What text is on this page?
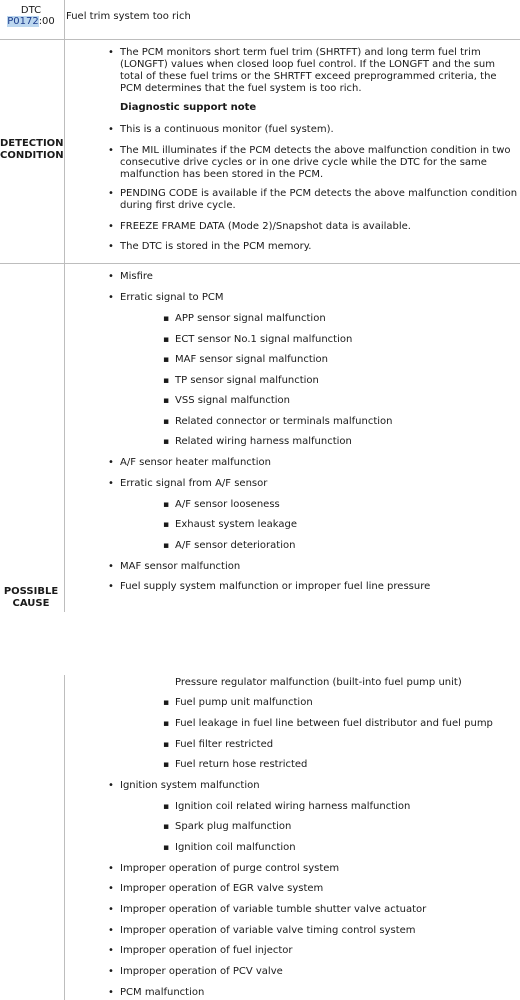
DTC
P0172:00	Fuel trim system too rich
DETECTION
CONDITION
• The PCM monitors short term fuel trim (SHRTFT) and long term fuel trim (LONGFT) values when closed loop fuel control. If the LONGFT and the sum total of these fuel trims or the SHRTFT exceed preprogrammed criteria, the PCM determines that the fuel system is too rich.
Diagnostic support note
• This is a continuous monitor (fuel system).
• The MIL illuminates if the PCM detects the above malfunction condition in two consecutive drive cycles or in one drive cycle while the DTC for the same malfunction has been stored in the PCM.
• PENDING CODE is available if the PCM detects the above malfunction condition during first drive cycle.
• FREEZE FRAME DATA (Mode 2)/Snapshot data is available.
• The DTC is stored in the PCM memory.
POSSIBLE
CAUSE
• Misfire
• Erratic signal to PCM
▪ APP sensor signal malfunction
▪ ECT sensor No.1 signal malfunction
▪ MAF sensor signal malfunction
▪ TP sensor signal malfunction
▪ VSS signal malfunction
▪ Related connector or terminals malfunction
▪ Related wiring harness malfunction
• A/F sensor heater malfunction
• Erratic signal from A/F sensor
▪ A/F sensor looseness
▪ Exhaust system leakage
▪ A/F sensor deterioration
• MAF sensor malfunction
• Fuel supply system malfunction or improper fuel line pressure
Pressure regulator malfunction (built-into fuel pump unit)
▪ Fuel pump unit malfunction
▪ Fuel leakage in fuel line between fuel distributor and fuel pump
▪ Fuel filter restricted
▪ Fuel return hose restricted
• Ignition system malfunction
▪ Ignition coil related wiring harness malfunction
▪ Spark plug malfunction
▪ Ignition coil malfunction
• Improper operation of purge control system
• Improper operation of EGR valve system
• Improper operation of variable tumble shutter valve actuator
• Improper operation of variable valve timing control system
• Improper operation of fuel injector
• Improper operation of PCV valve
• PCM malfunction
